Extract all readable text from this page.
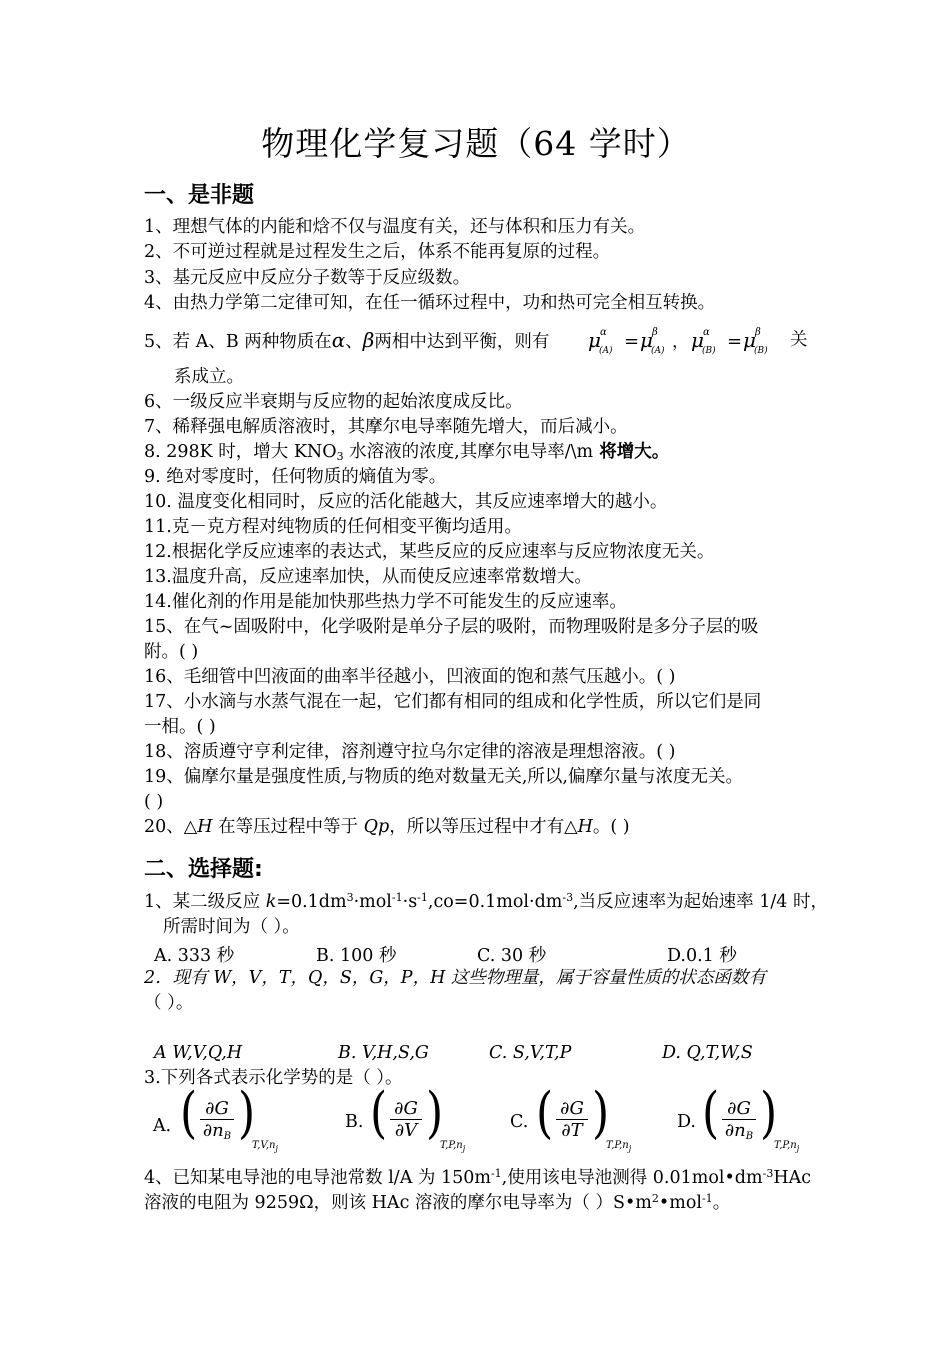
物理化学复习题（64 学时）
一、是非题
1、理想气体的内能和焓不仅与温度有关，还与体积和压力有关。
2、不可逆过程就是过程发生之后，体系不能再复原的过程。
3、基元反应中反应分子数等于反应级数。
4、由热力学第二定律可知，在任一循环过程中，功和热可完全相互转换。
5、若 A、B 两种物质在α、β两相中达到平衡，则有 μ α
(A) = μ β
(A) ， μ α
(B) = μ β
(B)
关
系成立。
6、一级反应半衰期与反应物的起始浓度成反比。
7、稀释强电解质溶液时，其摩尔电导率随先增大，而后减小。
8. 298K 时，增大 $KNO_3$ 水溶液的浓度,其摩尔电导率∕\m 将增大。
9. 绝对零度时，任何物质的熵值为零。
10. 温度变化相同时，反应的活化能越大，其反应速率增大的越小。
11.克－克方程对纯物质的任何相变平衡均适用。
12.根据化学反应速率的表达式，某些反应的反应速率与反应物浓度无关。
13.温度升高，反应速率加快，从而使反应速率常数增大。
14.催化剂的作用是能加快那些热力学不可能发生的反应速率。
15、在气~固吸附中，化学吸附是单分子层的吸附，而物理吸附是多分子层的吸
附。( )
16、毛细管中凹液面的曲率半径越小，凹液面的饱和蒸气压越小。( )
17、小水滴与水蒸气混在一起，它们都有相同的组成和化学性质，所以它们是同
一相。( )
18、溶质遵守亨利定律，溶剂遵守拉乌尔定律的溶液是理想溶液。( )
19、偏摩尔量是强度性质,与物质的绝对数量无关,所以,偏摩尔量与浓度无关。
( )
20、△H 在等压过程中等于 Qp，所以等压过程中才有△H。( )
二、选择题:
1、某二级反应 $k=0.1dm^3\cdot mol^{-1}\cdot s^{-1},co=0.1mol\cdot dm^{-3}$,当反应速率为起始速率 1/4 时，
所需时间为（ ）。
A. 333 秒	B. 100 秒	C. 30 秒	D.0.1 秒
2．现有 W，V，T，Q，S，G，P，H 这些物理量，属于容量性质的状态函数有
（ ）。
A W,V,Q,H	B. V,H,S,G	C. S,V,T,P	D. Q,T,W,S
3.下列各式表示化学势的是（ ）。
A．
( $\frac{\partial G}{\partial n_B}$ )
$T,V,n_j$
B. ( $\frac{\partial G}{\partial V}$ )
$T,P,n_j$
C. ( $\frac{\partial G}{\partial T}$ )
$T,P,n_j$
D. ( $\frac{\partial G}{\partial n_B}$ )
$T,P,n_j$
4、已知某电导池的电导池常数 l/A 为 $150m^{-1}$,使用该电导池测得 $0.01mol•dm^{-3}HAc$
溶液的电阻为 9259Ω，则该 HAc 溶液的摩尔电导率为（ ）$S•m^2•mol^{-1}$。
